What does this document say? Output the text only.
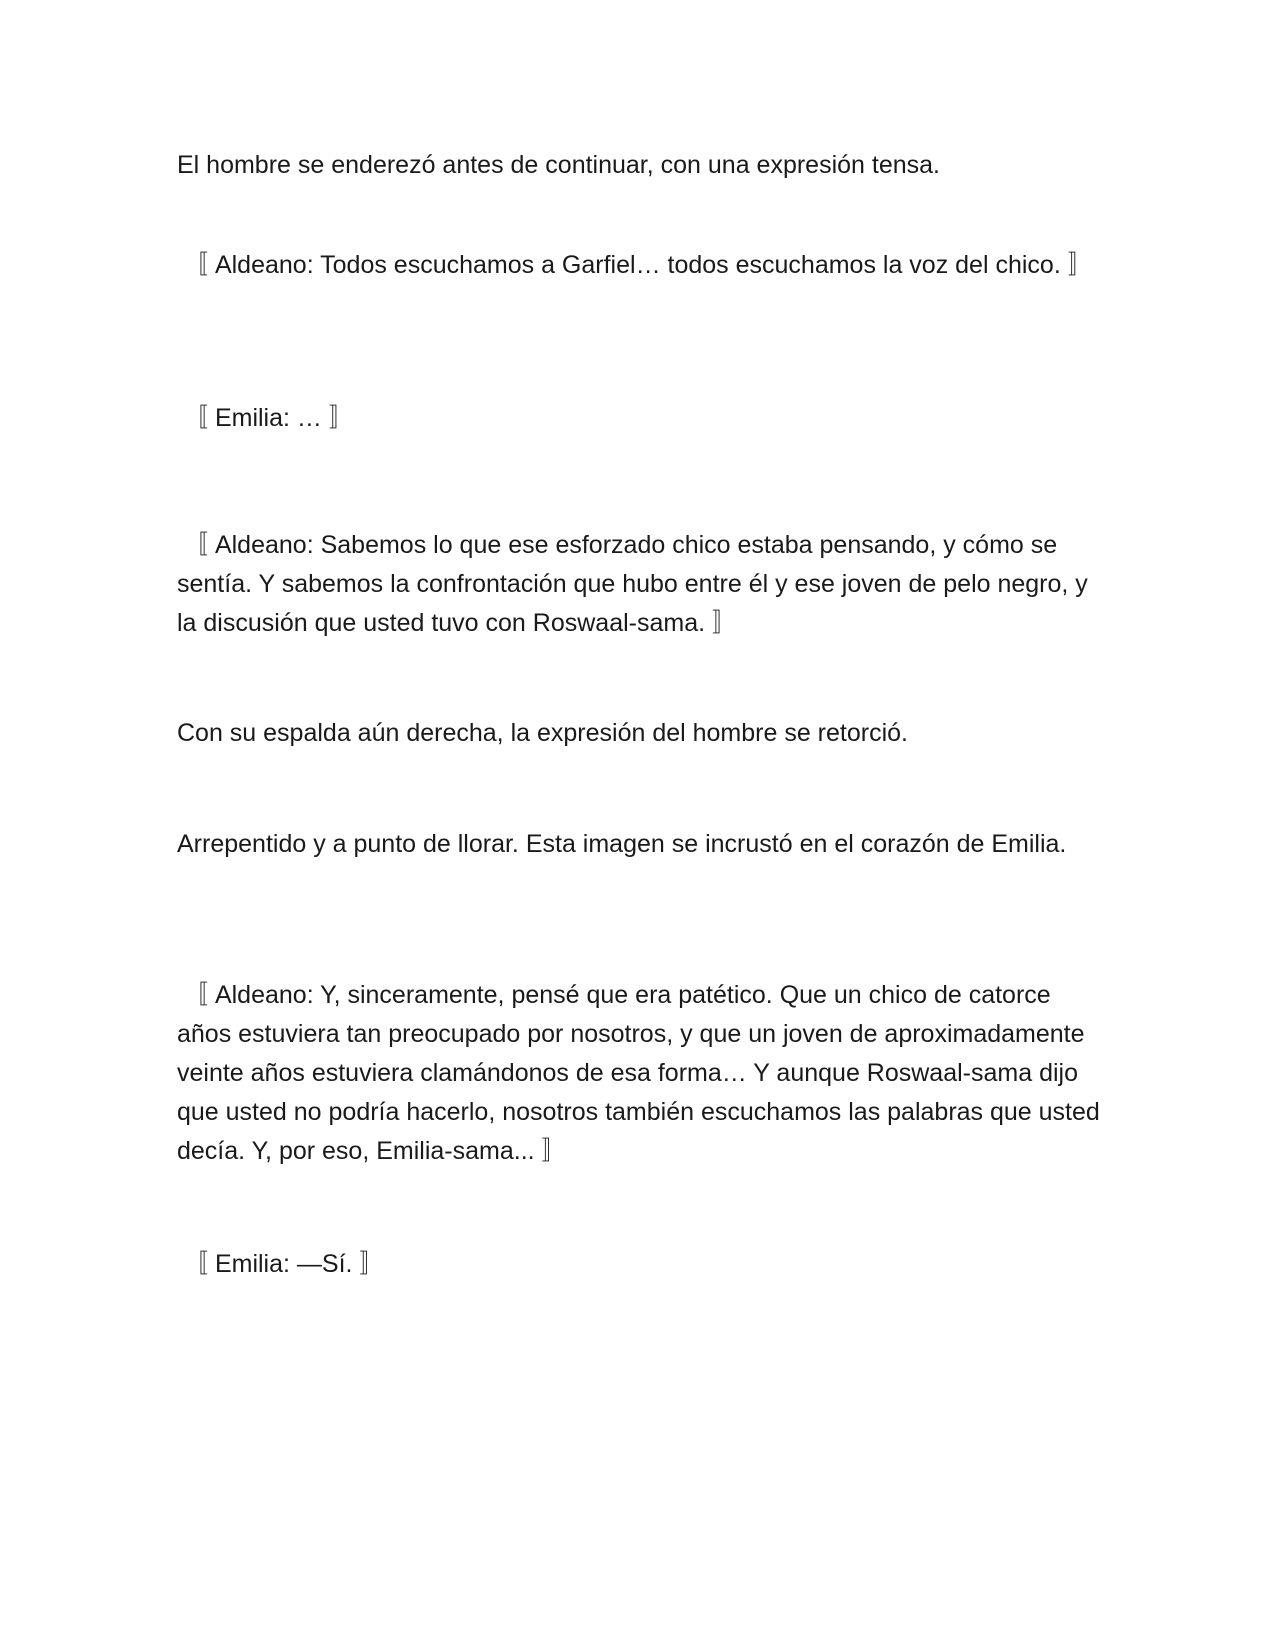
El hombre se enderezó antes de continuar, con una expresión tensa.

〚 Aldeano: Todos escuchamos a Garfiel… todos escuchamos la voz del chico. 〛

〚 Emilia: … 〛

〚 Aldeano: Sabemos lo que ese esforzado chico estaba pensando, y cómo se sentía. Y sabemos la confrontación que hubo entre él y ese joven de pelo negro, y la discusión que usted tuvo con Roswaal-sama. 〛

Con su espalda aún derecha, la expresión del hombre se retorció.

Arrepentido y a punto de llorar. Esta imagen se incrustó en el corazón de Emilia.

〚 Aldeano: Y, sinceramente, pensé que era patético. Que un chico de catorce años estuviera tan preocupado por nosotros, y que un joven de aproximadamente veinte años estuviera clamándonos de esa forma… Y aunque Roswaal-sama dijo que usted no podría hacerlo, nosotros también escuchamos las palabras que usted decía. Y, por eso, Emilia-sama... 〛

〚 Emilia: —Sí. 〛
